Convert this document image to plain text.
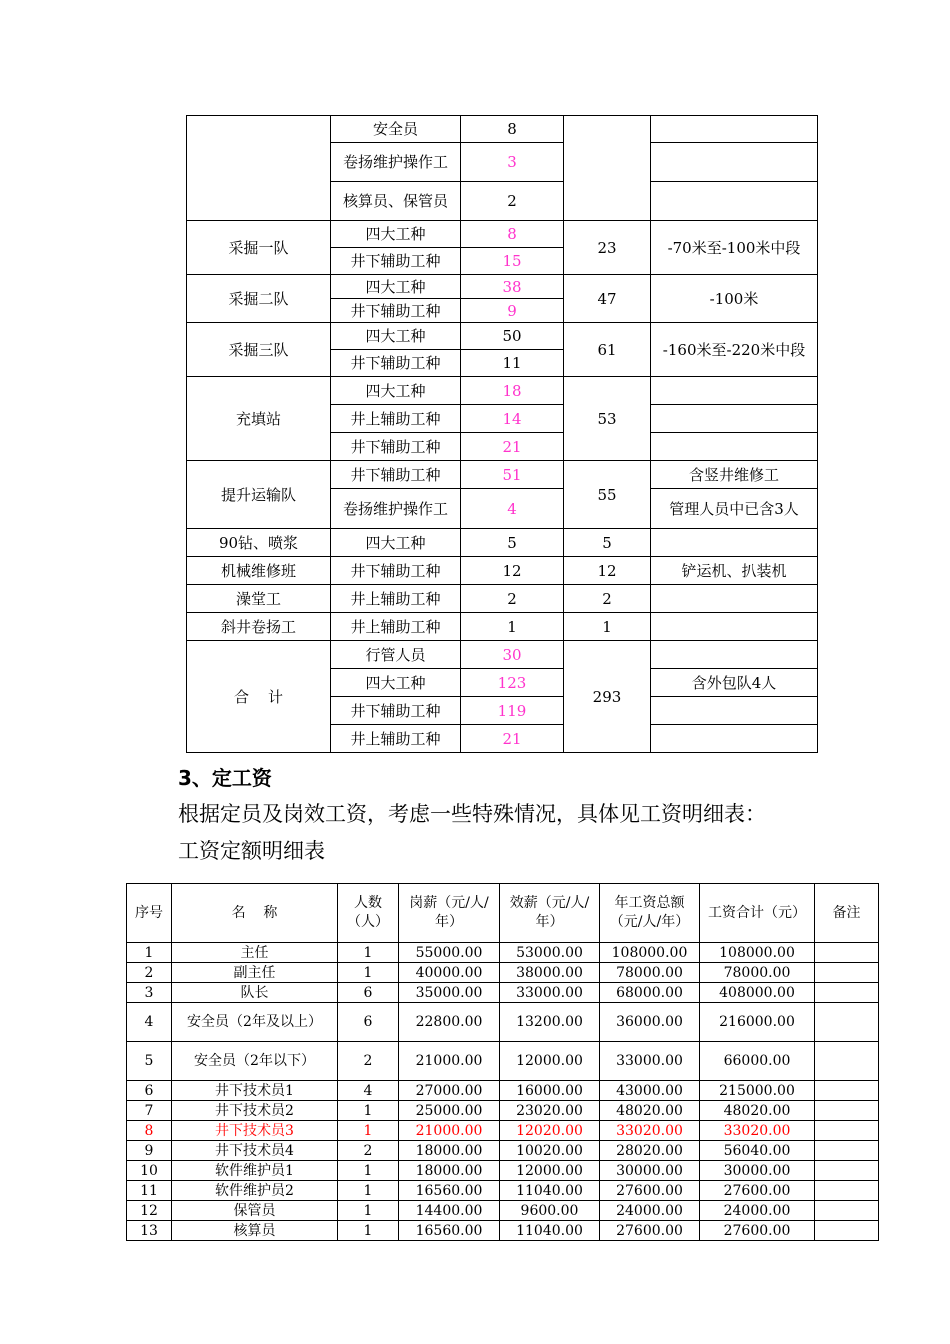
	安全员	8		
	卷扬维护操作工	3		
	核算员、保管员	2		
采掘一队	四大工种	8	23	-70米至-100米中段
	井下辅助工种	15		
采掘二队	四大工种	38	47	-100米
	井下辅助工种	9		
采掘三队	四大工种	50	61	-160米至-220米中段
	井下辅助工种	11		
充填站	四大工种	18	53	
	井上辅助工种	14		
	井下辅助工种	21		
提升运输队	井下辅助工种	51	55	含竖井维修工
	卷扬维护操作工	4		管理人员中已含3人
90钻、喷浆	四大工种	5	5	
机械维修班	井下辅助工种	12	12	铲运机、扒装机
澡堂工	井上辅助工种	2	2	
斜井卷扬工	井上辅助工种	1	1	
合    计	行管人员	30	293	
	四大工种	123		含外包队4人
	井下辅助工种	119		
	井上辅助工种	21		
3、定工资
根据定员及岗效工资，考虑一些特殊情况，具体见工资明细表：
工资定额明细表
序号	名    称	人数（人）	岗薪（元/人/年）	效薪（元/人/年）	年工资总额（元/人/年）	工资合计（元）	备注
1	主任	1	55000.00	53000.00	108000.00	108000.00	
2	副主任	1	40000.00	38000.00	78000.00	78000.00	
3	队长	6	35000.00	33000.00	68000.00	408000.00	
4	安全员（2年及以上）	6	22800.00	13200.00	36000.00	216000.00	
5	安全员（2年以下）	2	21000.00	12000.00	33000.00	66000.00	
6	井下技术员1	4	27000.00	16000.00	43000.00	215000.00	
7	井下技术员2	1	25000.00	23020.00	48020.00	48020.00	
8	井下技术员3	1	21000.00	12020.00	33020.00	33020.00	
9	井下技术员4	2	18000.00	10020.00	28020.00	56040.00	
10	软件维护员1	1	18000.00	12000.00	30000.00	30000.00	
11	软件维护员2	1	16560.00	11040.00	27600.00	27600.00	
12	保管员	1	14400.00	9600.00	24000.00	24000.00	
13	核算员	1	16560.00	11040.00	27600.00	27600.00	
